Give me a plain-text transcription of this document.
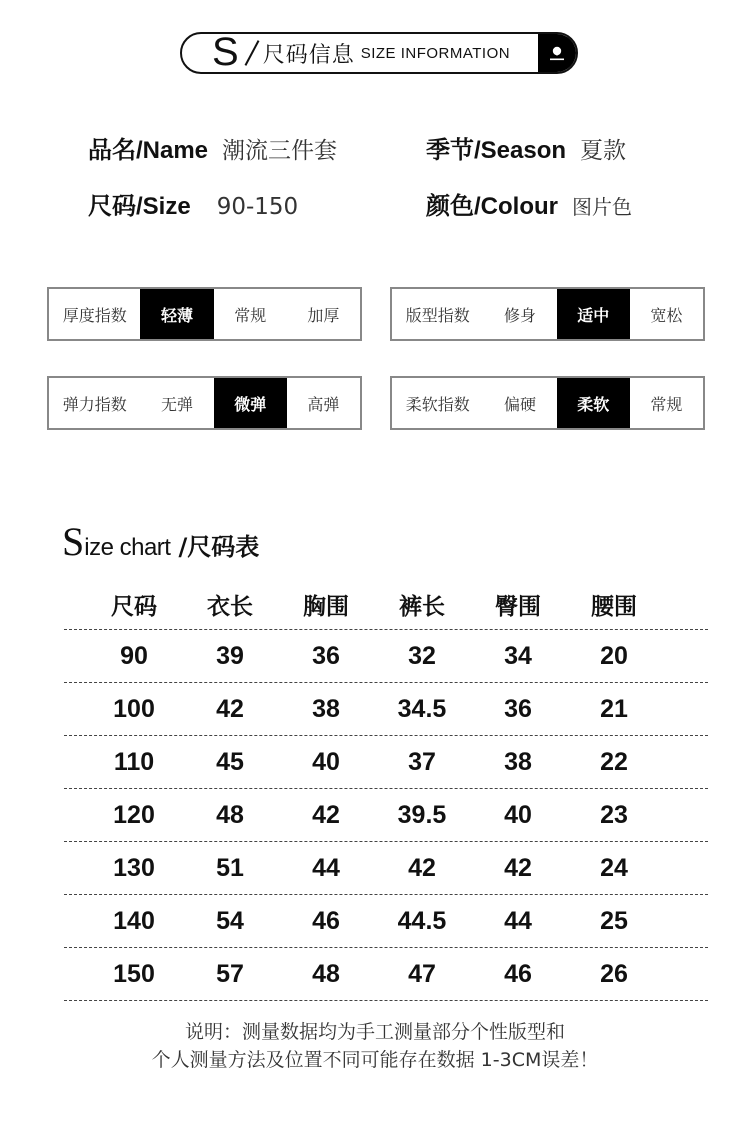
S 尺码信息 SIZE INFORMATION
品名/Name 潮流三件套	季节/Season 夏款
尺码/Size 90-150	颜色/Colour 图片色
厚度指数	轻薄	常规	加厚	版型指数	修身	适中	宽松
弹力指数	无弹	微弹	高弹	柔软指数	偏硬	柔软	常规
S ize chart /尺码表
尺码	衣长	胸围	裤长	臀围	腰围
90	39	36	32	34	20
100	42	38	34.5	36	21
110	45	40	37	38	22
120	48	42	39.5	40	23
130	51	44	42	42	24
140	54	46	44.5	44	25
150	57	48	47	46	26
说明：测量数据均为手工测量部分个性版型和
个人测量方法及位置不同可能存在数据 1-3CM误差！
